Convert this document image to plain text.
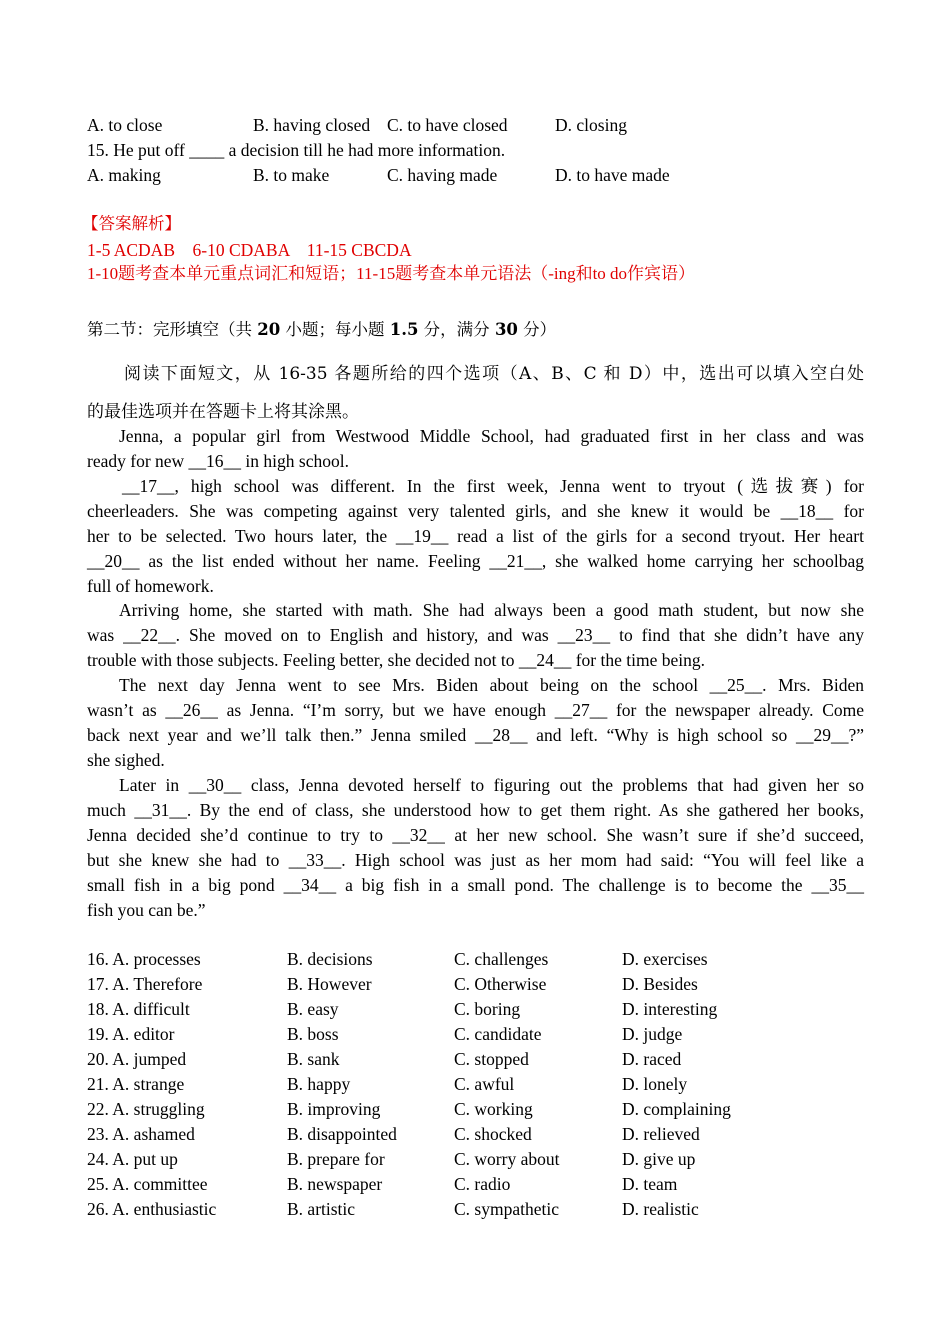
A. to close	B. having closed C. to have closed	D. closing
15. He put off ____ a decision till he had more information.
A. making	B. to make	C. having made	D. to have made
【答案解析】
1-5 ACDAB    6-10 CDABA    11-15 CBCDA
1-10题考查本单元重点词汇和短语；11-15题考查本单元语法（-ing和to do作宾语）
第二节：完形填空（共 20 小题；每小题 1.5 分，满分 30 分）
阅读下面短文，从 16-35 各题所给的四个选项（A、B、C 和 D）中，选出可以填入空白处
的最佳选项并在答题卡上将其涂黑。
Jenna, a popular girl from Westwood Middle School, had graduated first in her class and was
ready for new __16__ in high school.
__17__, high school was different. In the first week, Jenna went to tryout (选拔赛) for
cheerleaders. She was competing against very talented girls, and she knew it would be __18__ for
her to be selected. Two hours later, the __19__ read a list of the girls for a second tryout. Her heart
__20__ as the list ended without her name. Feeling __21__, she walked home carrying her schoolbag
full of homework.
Arriving home, she started with math. She had always been a good math student, but now she
was __22__. She moved on to English and history, and was __23__ to find that she didn’t have any
trouble with those subjects. Feeling better, she decided not to __24__ for the time being.
The next day Jenna went to see Mrs. Biden about being on the school __25__. Mrs. Biden
wasn’t as __26__ as Jenna. “I’m sorry, but we have enough __27__ for the newspaper already. Come
back next year and we’ll talk then.” Jenna smiled __28__ and left. “Why is high school so __29__?”
she sighed.
Later in __30__ class, Jenna devoted herself to figuring out the problems that had given her so
much __31__. By the end of class, she understood how to get them right. As she gathered her books,
Jenna decided she’d continue to try to __32__ at her new school. She wasn’t sure if she’d succeed,
but she knew she had to __33__. High school was just as her mom had said: “You will feel like a
small fish in a big pond __34__ a big fish in a small pond. The challenge is to become the __35__
fish you can be.”
16. A. processes	B. decisions	C. challenges	D. exercises
17. A. Therefore	B. However	C. Otherwise	D. Besides
18. A. difficult	B. easy	C. boring	D. interesting
19. A. editor	B. boss	C. candidate	D. judge
20. A. jumped	B. sank	C. stopped	D. raced
21. A. strange	B. happy	C. awful	D. lonely
22. A. struggling	B. improving	C. working	D. complaining
23. A. ashamed	B. disappointed	C. shocked	D. relieved
24. A. put up	B. prepare for	C. worry about	D. give up
25. A. committee	B. newspaper	C. radio	D. team
26. A. enthusiastic	B. artistic	C. sympathetic	D. realistic
